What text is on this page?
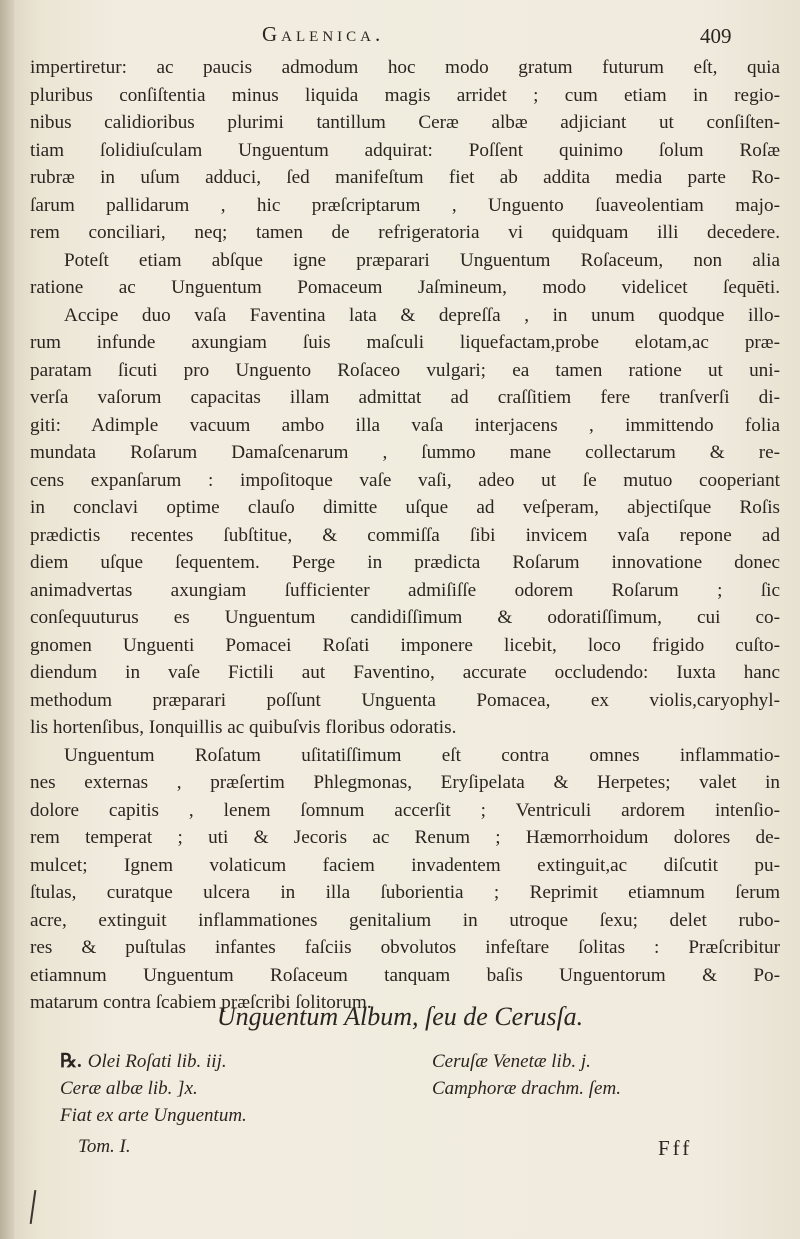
Galenica.	409
impertiretur: ac paucis admodum hoc modo gratum futurum eſt, quia
pluribus conſiſtentia minus liquida magis arridet ; cum etiam in regio-
nibus calidioribus plurimi tantillum Ceræ albæ adjiciant ut conſiſten-
tiam ſolidiuſculam Unguentum adquirat: Poſſent quinimo ſolum Roſæ
rubræ in uſum adduci, ſed manifeſtum fiet ab addita media parte Ro-
ſarum pallidarum , hic præſcriptarum , Unguento ſuaveolentiam majo-
rem conciliari, neq; tamen de refrigeratoria vi quidquam illi decedere.
Poteſt etiam abſque igne præparari Unguentum Roſaceum, non alia
ratione ac Unguentum Pomaceum Jaſmineum, modo videlicet ſequēti.
Accipe duo vaſa Faventina lata & depreſſa , in unum quodque illo-
rum infunde axungiam ſuis maſculi liquefactam,probe elotam,ac præ-
paratam ſicuti pro Unguento Roſaceo vulgari; ea tamen ratione ut uni-
verſa vaſorum capacitas illam admittat ad craſſitiem fere tranſverſi di-
giti: Adimple vacuum ambo illa vaſa interjacens , immittendo folia
mundata Roſarum Damaſcenarum , ſummo mane collectarum & re-
cens expanſarum : impoſitoque vaſe vaſi, adeo ut ſe mutuo cooperiant
in conclavi optime clauſo dimitte uſque ad veſperam, abjectiſque Roſis
prædictis recentes ſubſtitue, & commiſſa ſibi invicem vaſa repone ad
diem uſque ſequentem. Perge in prædicta Roſarum innovatione donec
animadvertas axungiam ſufficienter admiſiſſe odorem Roſarum ; ſic
conſequuturus es Unguentum candidiſſimum & odoratiſſimum, cui co-
gnomen Unguenti Pomacei Roſati imponere licebit, loco frigido cuſto-
diendum in vaſe Fictili aut Faventino, accurate occludendo: Iuxta hanc
methodum præparari poſſunt Unguenta Pomacea, ex violis,caryophyl-
lis hortenſibus, Ionquillis ac quibuſvis floribus odoratis.
Unguentum Roſatum uſitatiſſimum eſt contra omnes inflammatio-
nes externas , præſertim Phlegmonas, Eryſipelata & Herpetes; valet in
dolore capitis , lenem ſomnum accerſit ; Ventriculi ardorem intenſio-
rem temperat ; uti & Jecoris ac Renum ; Hæmorrhoidum dolores de-
mulcet; Ignem volaticum faciem invadentem extinguit,ac diſcutit pu-
ſtulas, curatque ulcera in illa ſuborientia ; Reprimit etiamnum ſerum
acre, extinguit inflammationes genitalium in utroque ſexu; delet rubo-
res & puſtulas infantes faſciis obvolutos infeſtare ſolitas : Præſcribitur
etiamnum Unguentum Roſaceum tanquam baſis Unguentorum & Po-
matarum contra ſcabiem præſcribi ſolitorum.
Unguentum Album, ſeu de Cerusſa.
℞. Olei Roſati lib. iij.
Ceræ albæ lib. ]x.
Fiat ex arte Unguentum.
Ceruſæ Venetæ lib. j.
Camphoræ drachm. ſem.
Tom. I.	Fff
